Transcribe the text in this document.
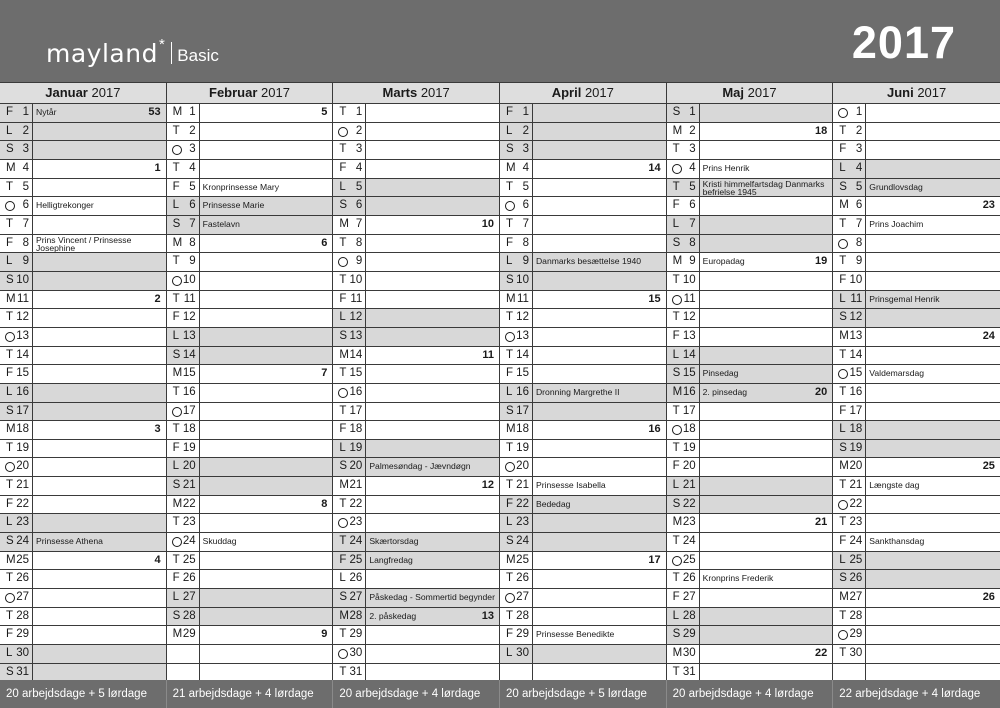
mayland *
Basic	2017
Januar 2017
F 1 Nytår	53
L 2
S 3
M 4	1
T 5
6 Helligtrekonger
T 7
F 8 Prins Vincent / Prinsesse Josephine
L 9
S 10
M 11	2
T 12
13
T 14
F 15
L 16
S 17
M 18	3
T 19
20
T 21
F 22
L 23
S 24 Prinsesse Athena
M 25	4
T 26
27
T 28
F 29
L 30
S 31
Februar 2017
M 1	5
T 2
3
T 4
F 5 Kronprinsesse Mary
L 6 Prinsesse Marie
S 7 Fastelavn
M 8	6
T 9
10
T 11
F 12
L 13
S 14
M 15	7
T 16
17
T 18
F 19
L 20
S 21
M 22	8
T 23
24 Skuddag
T 25
F 26
L 27
S 28
M 29	9
Marts 2017
T 1
2
T 3
F 4
L 5
S 6
M 7	10
T 8
9
T 10
F 11
L 12
S 13
M 14	11
T 15
16
T 17
F 18
L 19
S 20 Palmesøndag - Jævndøgn
M 21	12
T 22
23
T 24 Skærtorsdag
F 25 Langfredag
L 26
S 27 Påskedag - Sommertid begynder
M 28 2. påskedag	13
T 29
30
T 31
April 2017
F 1
L 2
S 3
M 4	14
T 5
6
T 7
F 8
L 9 Danmarks besættelse 1940
S 10
M 11	15
T 12
13
T 14
F 15
L 16 Dronning Margrethe II
S 17
M 18	16
T 19
20
T 21 Prinsesse Isabella
F 22 Bededag
L 23
S 24
M 25	17
T 26
27
T 28
F 29 Prinsesse Benedikte
L 30
Maj 2017
S 1
M 2	18
T 3
4 Prins Henrik
T 5 Kristi himmelfartsdag Danmarks befrielse 1945
F 6
L 7
S 8
M 9 Europadag	19
T 10
11
T 12
F 13
L 14
S 15 Pinsedag
M 16 2. pinsedag	20
T 17
18
T 19
F 20
L 21
S 22
M 23	21
T 24
25
T 26 Kronprins Frederik
F 27
L 28
S 29
M 30	22
T 31
Juni 2017
1
T 2
F 3
L 4
S 5 Grundlovsdag
M 6	23
T 7 Prins Joachim
8
T 9
F 10
L 11 Prinsgemal Henrik
S 12
M 13	24
T 14
15 Valdemarsdag
T 16
F 17
L 18
S 19
M 20	25
T 21 Længste dag
22
T 23
F 24 Sankthansdag
L 25
S 26
M 27	26
T 28
29
T 30
20 arbejdsdage + 5 lørdage	21 arbejdsdage + 4 lørdage	20 arbejdsdage + 4 lørdage	20 arbejdsdage + 5 lørdage	20 arbejdsdage + 4 lørdage	22 arbejdsdage + 4 lørdage
